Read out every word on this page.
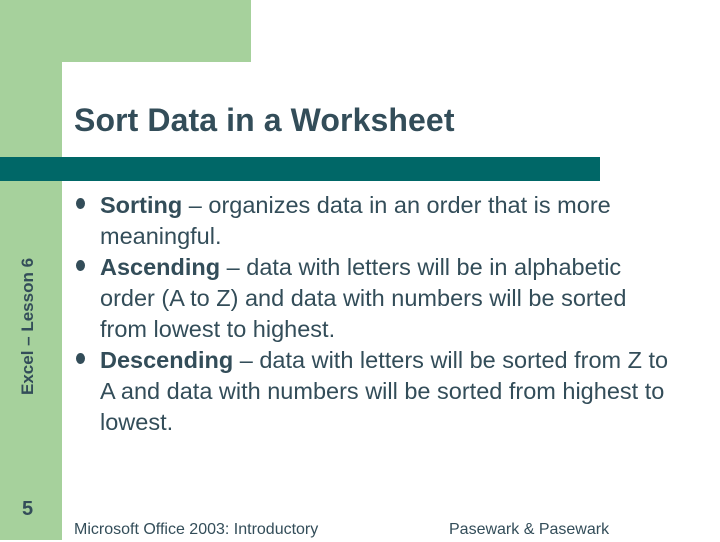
Sort Data in a Worksheet
Excel – Lesson 6
5
Sorting – organizes data in an order that is more meaningful.
Ascending – data with letters will be in alphabetic order (A to Z) and data with numbers will be sorted from lowest to highest.
Descending – data with letters will be sorted from Z to A and data with numbers will be sorted from highest to lowest.
Microsoft Office 2003: Introductory	Pasewark & Pasewark
